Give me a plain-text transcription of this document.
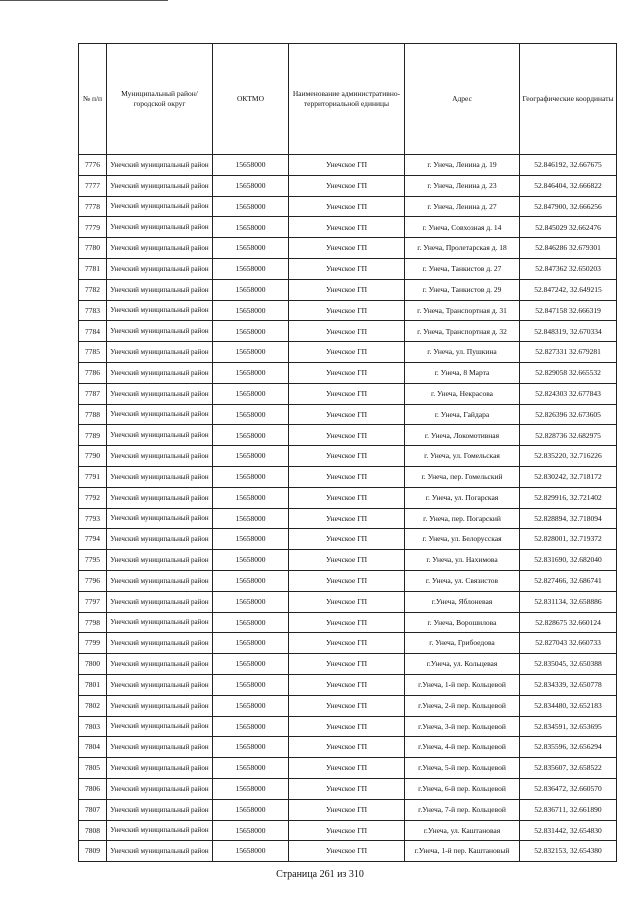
№ п/п	Муниципальный район/городской округ	ОКТМО	Наименование административно-территориальной единицы	Адрес	Географические координаты
7776	Унечский муниципальный район	15658000	Унечское ГП	г. Унеча, Ленина д. 19	52.846192, 32.667675
7777	Унечский муниципальный район	15658000	Унечское ГП	г. Унеча, Ленина д. 23	52.846404, 32.666822
7778	Унечский муниципальный район	15658000	Унечское ГП	г. Унеча, Ленина д. 27	52.847900, 32.666256
7779	Унечский муниципальный район	15658000	Унечское ГП	г. Унеча, Совхозная д. 14	52.845029 32.662476
7780	Унечский муниципальный район	15658000	Унечское ГП	г. Унеча, Пролетарская д. 18	52.846286 32.679301
7781	Унечский муниципальный район	15658000	Унечское ГП	г. Унеча, Танкистов д. 27	52.847362 32.650203
7782	Унечский муниципальный район	15658000	Унечское ГП	г. Унеча, Танкистов д. 29	52.847242, 32.649215
7783	Унечский муниципальный район	15658000	Унечское ГП	г. Унеча, Транспортная д. 31	52.847158 32.666319
7784	Унечский муниципальный район	15658000	Унечское ГП	г. Унеча, Транспортная д. 32	52.848319, 32.670334
7785	Унечский муниципальный район	15658000	Унечское ГП	г. Унеча, ул. Пушкина	52.827331 32.679281
7786	Унечский муниципальный район	15658000	Унечское ГП	г. Унеча, 8 Марта	52.829058 32.665532
7787	Унечский муниципальный район	15658000	Унечское ГП	г. Унеча, Некрасова	52.824303 32.677843
7788	Унечский муниципальный район	15658000	Унечское ГП	г. Унеча, Гайдара	52.826396 32.673605
7789	Унечский муниципальный район	15658000	Унечское ГП	г. Унеча, Локомотивная	52.828736 32.682975
7790	Унечский муниципальный район	15658000	Унечское ГП	г. Унеча, ул. Гомельская	52.835220, 32.716226
7791	Унечский муниципальный район	15658000	Унечское ГП	г. Унеча, пер. Гомельский	52.830242, 32.718172
7792	Унечский муниципальный район	15658000	Унечское ГП	г. Унеча, ул. Погарская	52.829916, 32.721402
7793	Унечский муниципальный район	15658000	Унечское ГП	г. Унеча, пер. Погарский	52.828894, 32.718094
7794	Унечский муниципальный район	15658000	Унечское ГП	г. Унеча, ул. Белорусская	52.828001, 32.719372
7795	Унечский муниципальный район	15658000	Унечское ГП	г. Унеча, ул. Нахимова	52.831690, 32.682040
7796	Унечский муниципальный район	15658000	Унечское ГП	г. Унеча, ул. Связистов	52.827466, 32.686741
7797	Унечский муниципальный район	15658000	Унечское ГП	г.Унеча, Яблоневая	52.831134, 32.658886
7798	Унечский муниципальный район	15658000	Унечское ГП	г. Унеча, Ворошилова	52.828675 32.660124
7799	Унечский муниципальный район	15658000	Унечское ГП	г. Унеча, Грибоедова	52.827043 32.660733
7800	Унечский муниципальный район	15658000	Унечское ГП	г.Унеча, ул. Кольцевая	52.835045, 32.650388
7801	Унечский муниципальный район	15658000	Унечское ГП	г.Унеча, 1-й пер. Кольцевой	52.834339, 32.650778
7802	Унечский муниципальный район	15658000	Унечское ГП	г.Унеча, 2-й пер. Кольцевой	52.834480, 32.652183
7803	Унечский муниципальный район	15658000	Унечское ГП	г.Унеча, 3-й пер. Кольцевой	52.834591, 32.653695
7804	Унечский муниципальный район	15658000	Унечское ГП	г.Унеча, 4-й пер. Кольцевой	52.835596, 32.656294
7805	Унечский муниципальный район	15658000	Унечское ГП	г.Унеча, 5-й пер. Кольцевой	52.835607, 32.658522
7806	Унечский муниципальный район	15658000	Унечское ГП	г.Унеча, 6-й пер. Кольцевой	52.836472, 32.660570
7807	Унечский муниципальный район	15658000	Унечское ГП	г.Унеча, 7-й пер. Кольцевой	52.836711, 32.661890
7808	Унечский муниципальный район	15658000	Унечское ГП	г.Унеча, ул. Каштановая	52.831442, 32.654830
7809	Унечский муниципальный район	15658000	Унечское ГП	г.Унеча, 1-й пер. Каштановый	52.832153, 32.654380
Страница 261 из 310
